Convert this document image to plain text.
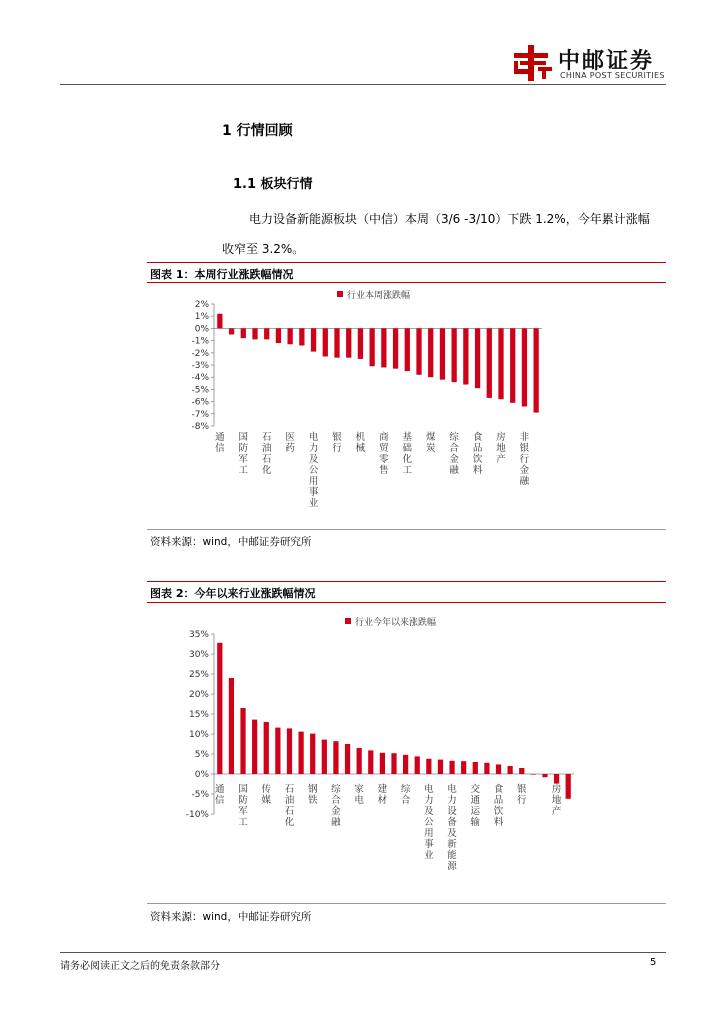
中邮证券
CHINA POST SECURITIES
1 行情回顾
1.1 板块行情
电力设备新能源板块（中信）本周（3/6 -3/10）下跌 1.2%，今年累计涨幅
收窄至 3.2%。
图表 1：本周行业涨跌幅情况
行业本周涨跌幅
2%
1%
0%
-1%
-2%
-3%
-4%
-5%
-6%
-7%
-8%
通
信
国
防
军
工
石
油
石
化
医
药
电
力
及
公
用
事
业
银
行
机
械
商
贸
零
售
基
础
化
工
煤
炭
综
合
金
融
食
品
饮
料
房
地
产
非
银
行
金
融
资料来源：wind，中邮证券研究所
图表 2：今年以来行业涨跌幅情况
行业今年以来涨跌幅
35%
30%
25%
20%
15%
10%
5%
0%
-5%
-10%
通
信
国
防
军
工
传
媒
石
油
石
化
钢
铁
综
合
金
融
家
电
建
材
综
合
电
力
及
公
用
事
业
电
力
设
备
及
新
能
源
交
通
运
输
食
品
饮
料
银
行
房
地
产
资料来源：wind，中邮证券研究所
请务必阅读正文之后的免责条款部分	5
